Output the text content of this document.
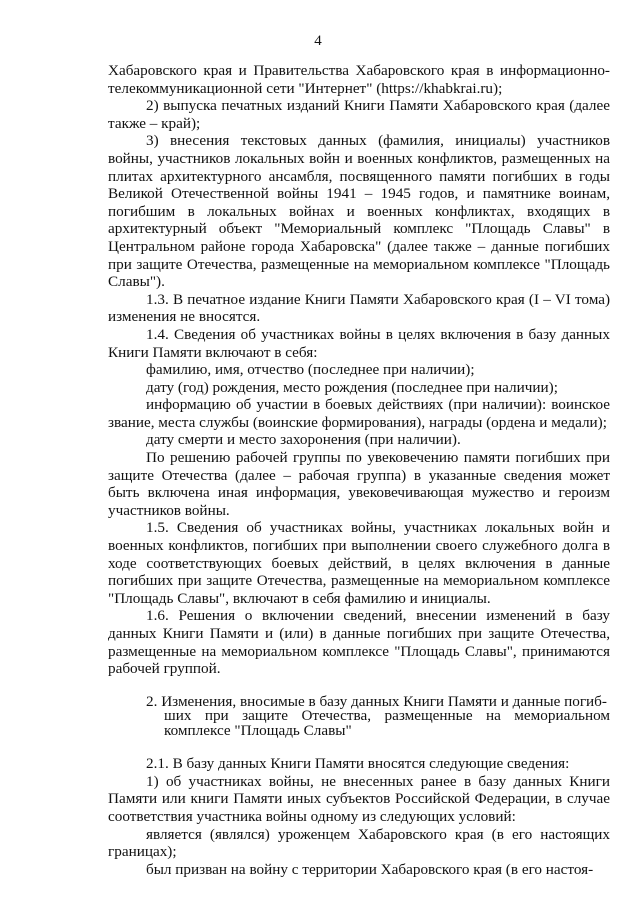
4

Хабаровского края и Правительства Хабаровского края в информационно-телекоммуникационной сети "Интернет" (https://khabkrai.ru);

2) выпуска печатных изданий Книги Памяти Хабаровского края (далее также – край);

3) внесения текстовых данных (фамилия, инициалы) участников войны, участников локальных войн и военных конфликтов, размещенных на плитах архитектурного ансамбля, посвященного памяти погибших в годы Великой Отечественной войны 1941 – 1945 годов, и памятнике воинам, погибшим в локальных войнах и военных конфликтах, входящих в архитектурный объект "Мемориальный комплекс "Площадь Славы" в Центральном районе города Хабаровска" (далее также – данные погибших при защите Отечества, размещенные на мемориальном комплексе "Площадь Славы").

1.3. В печатное издание Книги Памяти Хабаровского края (I – VI тома) изменения не вносятся.

1.4. Сведения об участниках войны в целях включения в базу данных Книги Памяти включают в себя:

фамилию, имя, отчество (последнее при наличии);

дату (год) рождения, место рождения (последнее при наличии);

информацию об участии в боевых действиях (при наличии): воинское звание, места службы (воинские формирования), награды (ордена и медали);

дату смерти и место захоронения (при наличии).

По решению рабочей группы по увековечению памяти погибших при защите Отечества (далее – рабочая группа) в указанные сведения может быть включена иная информация, увековечивающая мужество и героизм участников войны.

1.5. Сведения об участниках войны, участниках локальных войн и военных конфликтов, погибших при выполнении своего служебного долга в ходе соответствующих боевых действий, в целях включения в данные погибших при защите Отечества, размещенные на мемориальном комплексе "Площадь Славы", включают в себя фамилию и инициалы.

1.6. Решения о включении сведений, внесении изменений в базу данных Книги Памяти и (или) в данные погибших при защите Отечества, размещенные на мемориальном комплексе "Площадь Славы", принимаются рабочей группой.

2. Изменения, вносимые в базу данных Книги Памяти и данные погиб-
ших при защите Отечества, размещенные на мемориальном комплексе "Площадь Славы"

2.1. В базу данных Книги Памяти вносятся следующие сведения:

1) об участниках войны, не внесенных ранее в базу данных Книги Памяти или книги Памяти иных субъектов Российской Федерации, в случае соответствия участника войны одному из следующих условий:

является (являлся) уроженцем Хабаровского края (в его настоящих границах);

был призван на войну с территории Хабаровского края (в его настоя-
